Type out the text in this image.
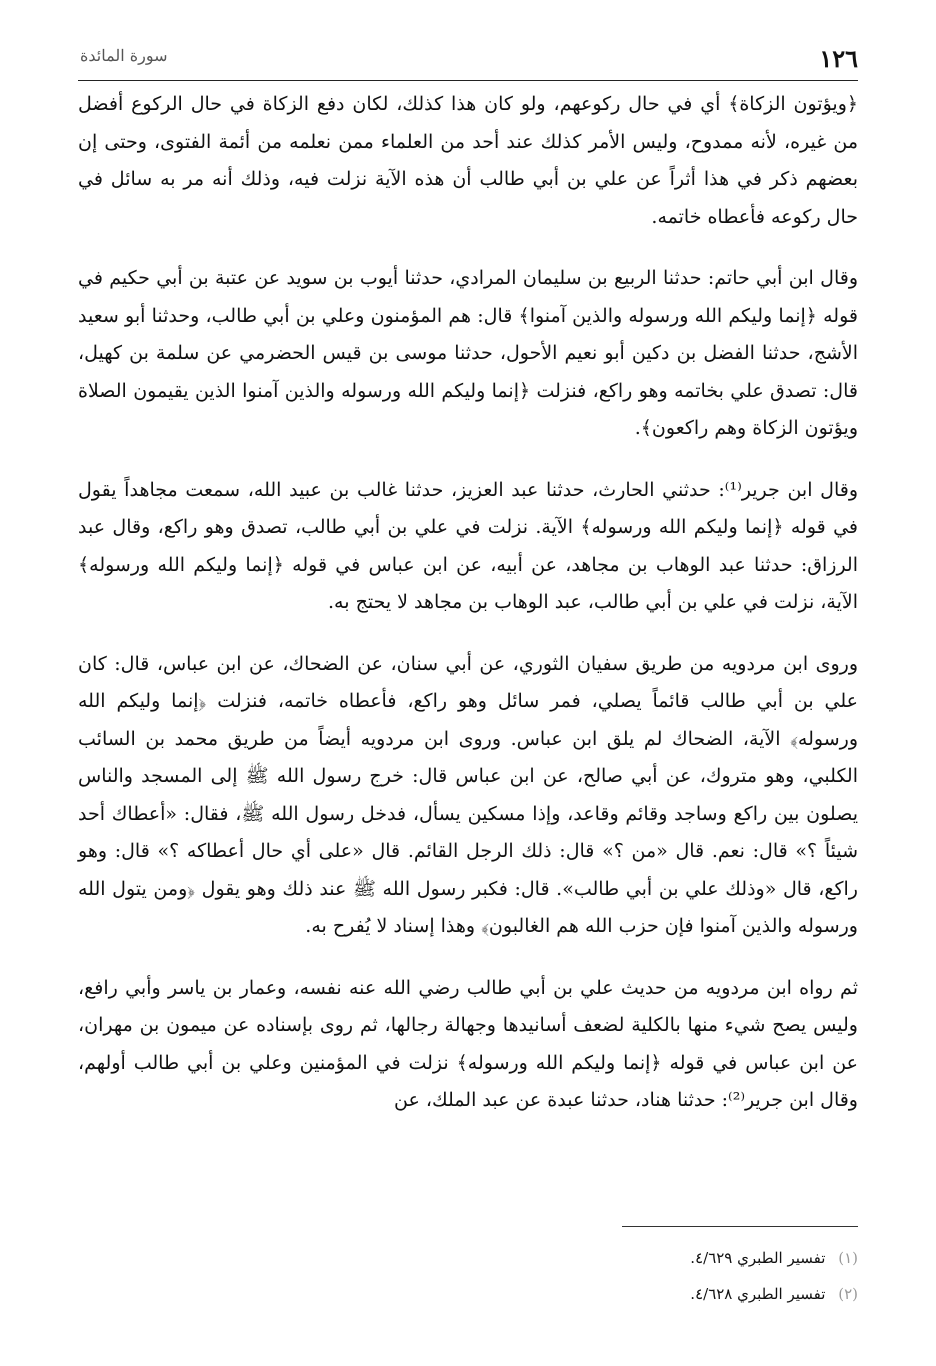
١٢٦

سورة المائدة

﴿ويؤتون الزكاة﴾ أي في حال ركوعهم، ولو كان هذا كذلك، لكان دفع الزكاة في حال الركوع أفضل من غيره، لأنه ممدوح، وليس الأمر كذلك عند أحد من العلماء ممن نعلمه من أئمة الفتوى، وحتى إن بعضهم ذكر في هذا أثراً عن علي بن أبي طالب أن هذه الآية نزلت فيه، وذلك أنه مر به سائل في حال ركوعه فأعطاه خاتمه.

وقال ابن أبي حاتم: حدثنا الربيع بن سليمان المرادي، حدثنا أيوب بن سويد عن عتبة بن أبي حكيم في قوله ﴿إنما وليكم الله ورسوله والذين آمنوا﴾ قال: هم المؤمنون وعلي بن أبي طالب، وحدثنا أبو سعيد الأشج، حدثنا الفضل بن دكين أبو نعيم الأحول، حدثنا موسى بن قيس الحضرمي عن سلمة بن كهيل، قال: تصدق علي بخاتمه وهو راكع، فنزلت ﴿إنما وليكم الله ورسوله والذين آمنوا الذين يقيمون الصلاة ويؤتون الزكاة وهم راكعون﴾.

وقال ابن جرير⁽¹⁾: حدثني الحارث، حدثنا عبد العزيز، حدثنا غالب بن عبيد الله، سمعت مجاهداً يقول في قوله ﴿إنما وليكم الله ورسوله﴾ الآية. نزلت في علي بن أبي طالب، تصدق وهو راكع، وقال عبد الرزاق: حدثنا عبد الوهاب بن مجاهد، عن أبيه، عن ابن عباس في قوله ﴿إنما وليكم الله ورسوله﴾ الآية، نزلت في علي بن أبي طالب، عبد الوهاب بن مجاهد لا يحتج به.

وروى ابن مردويه من طريق سفيان الثوري، عن أبي سنان، عن الضحاك، عن ابن عباس، قال: كان علي بن أبي طالب قائماً يصلي، فمر سائل وهو راكع، فأعطاه خاتمه، فنزلت ﴿إنما وليكم الله ورسوله﴾ الآية، الضحاك لم يلق ابن عباس. وروى ابن مردويه أيضاً من طريق محمد بن السائب الكلبي، وهو متروك، عن أبي صالح، عن ابن عباس قال: خرج رسول الله ﷺ إلى المسجد والناس يصلون بين راكع وساجد وقائم وقاعد، وإذا مسكين يسأل، فدخل رسول الله ﷺ، فقال: «أعطاك أحد شيئاً ؟» قال: نعم. قال «من ؟» قال: ذلك الرجل القائم. قال «على أي حال أعطاكه ؟» قال: وهو راكع، قال «وذلك علي بن أبي طالب». قال: فكبر رسول الله ﷺ عند ذلك وهو يقول ﴿ومن يتول الله ورسوله والذين آمنوا فإن حزب الله هم الغالبون﴾ وهذا إسناد لا يُفرح به.

ثم رواه ابن مردويه من حديث علي بن أبي طالب رضي الله عنه نفسه، وعمار بن ياسر وأبي رافع، وليس يصح شيء منها بالكلية لضعف أسانيدها وجهالة رجالها، ثم روى بإسناده عن ميمون بن مهران، عن ابن عباس في قوله ﴿إنما وليكم الله ورسوله﴾ نزلت في المؤمنين وعلي بن أبي طالب أولهم، وقال ابن جرير⁽²⁾: حدثنا هناد، حدثنا عبدة عن عبد الملك، عن

(١) تفسير الطبري ٤/٦٢٩.

(٢) تفسير الطبري ٤/٦٢٨.
